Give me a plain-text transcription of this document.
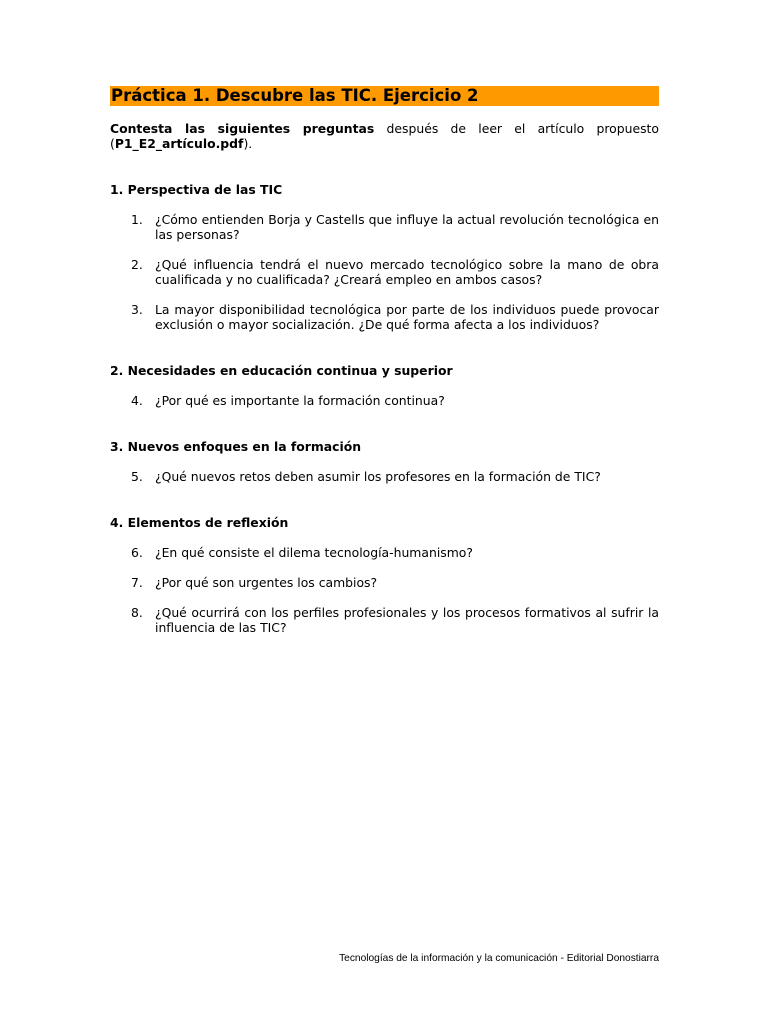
Práctica 1. Descubre las TIC. Ejercicio 2

Contesta las siguientes preguntas después de leer el artículo propuesto (P1_E2_artículo.pdf).

1. Perspectiva de las TIC
1. ¿Cómo entienden Borja y Castells que influye la actual revolución tecnológica en las personas?
2. ¿Qué influencia tendrá el nuevo mercado tecnológico sobre la mano de obra cualificada y no cualificada? ¿Creará empleo en ambos casos?
3. La mayor disponibilidad tecnológica por parte de los individuos puede provocar exclusión o mayor socialización. ¿De qué forma afecta a los individuos?
2. Necesidades en educación continua y superior
4. ¿Por qué es importante la formación continua?
3. Nuevos enfoques en la formación
5. ¿Qué nuevos retos deben asumir los profesores en la formación de TIC?
4. Elementos de reflexión
6. ¿En qué consiste el dilema tecnología-humanismo?
7. ¿Por qué son urgentes los cambios?
8. ¿Qué ocurrirá con los perfiles profesionales y los procesos formativos al sufrir la influencia de las TIC?
Tecnologías de la información y la comunicación - Editorial Donostiarra
